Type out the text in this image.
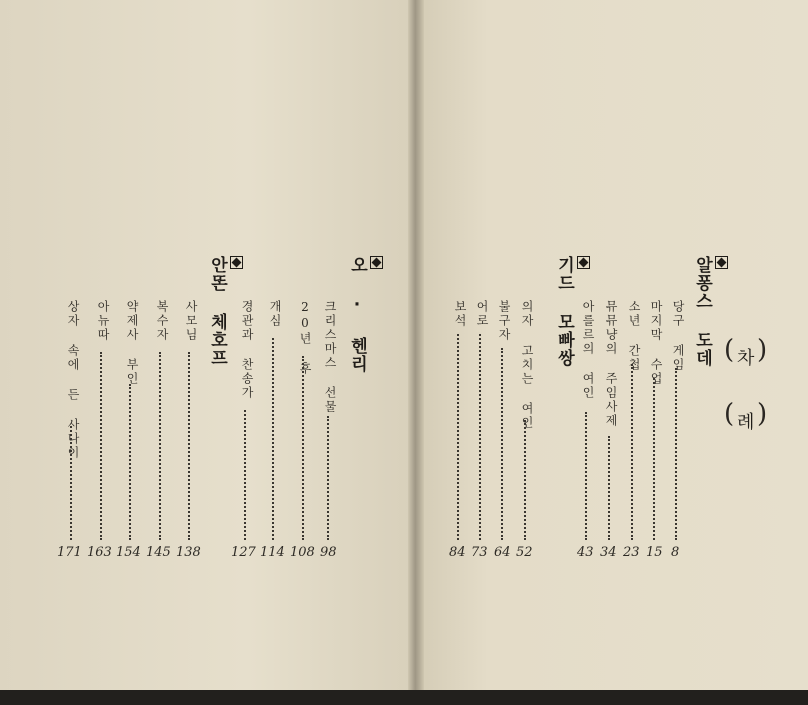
( 차 )
( 례 )
알퐁스 도데
기드 모빠쌍
오 · 헨리
안똔 체호프	당구 게임
8
마지막 수업
15
소년 간첩
23
뮤뮤냥의 주임사제
34
아를르의 여인
43
의자 고치는 여인
52
불구자
64
어로
73
보석
84
크리스마스 선물
98
20년 후
108
개심
114
경관과 찬송가
127
사모님
138
복수자
145
약제사 부인
154
아뉴따
163
상자 속에 든 사나이
171
